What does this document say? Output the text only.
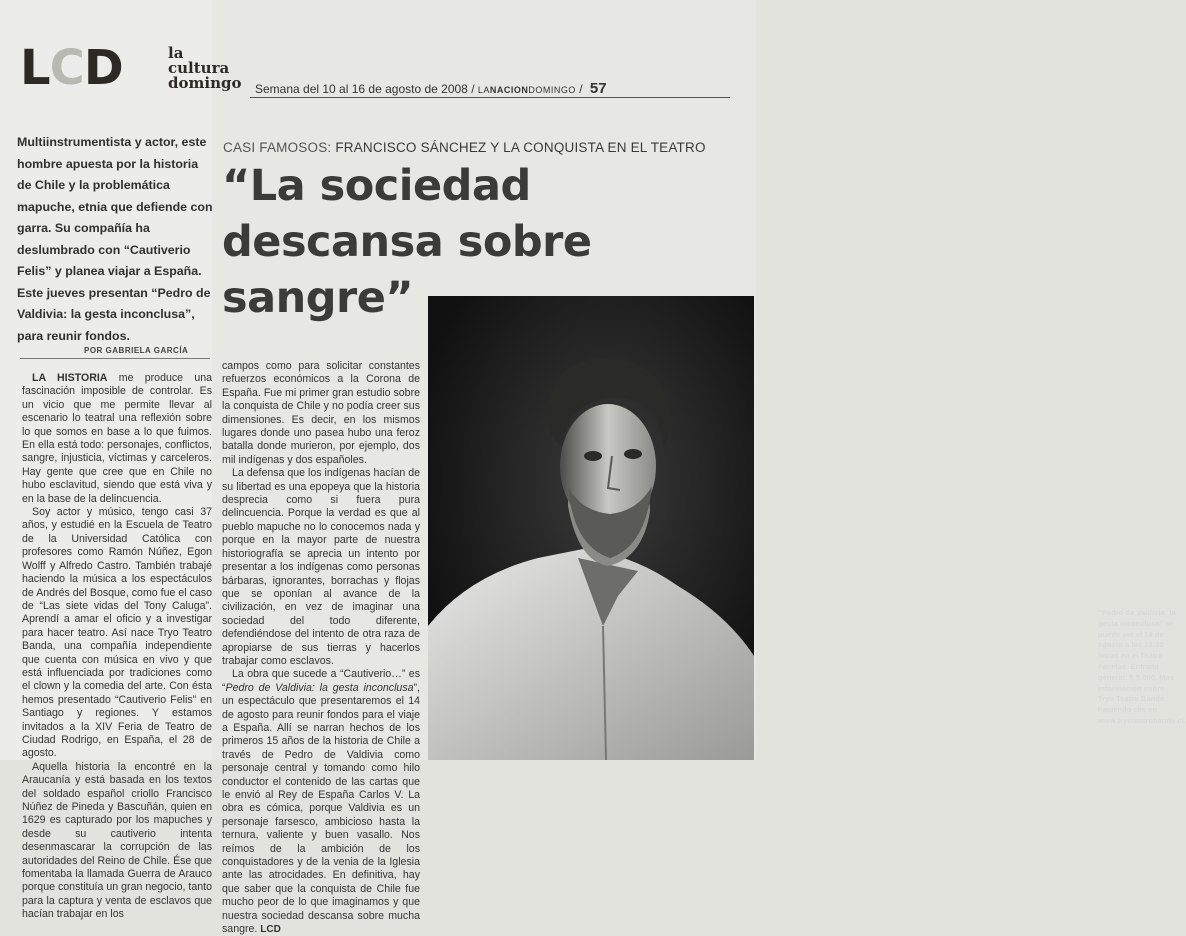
LCD	la
cultura
domingo Semana del 10 al 16 de agosto de 2008 / LANACIONDOMINGO / 57
Multiinstrumentista y actor, este hombre apuesta por la historia de Chile y la problemática mapuche, etnia que defiende con garra. Su compañía ha deslumbrado con “Cautiverio Felis” y planea viajar a España. Este jueves presentan “Pedro de Valdivia: la gesta inconclusa”, para reunir fondos.
CASI FAMOSOS: FRANCISCO SÁNCHEZ Y LA CONQUISTA EN EL TEATRO
“La sociedad descansa sobre sangre”
POR GABRIELA GARCÍA

LA HISTORIA me produce una fascinación imposible de controlar. Es un vicio que me permite llevar al escenario lo teatral una reflexión sobre lo que somos en base a lo que fuimos. En ella está todo: personajes, conflictos, sangre, injusticia, víctimas y carceleros. Hay gente que cree que en Chile no hubo esclavitud, siendo que está viva y en la base de la delincuencia.

Soy actor y músico, tengo casi 37 años, y estudié en la Escuela de Teatro de la Universidad Católica con profesores como Ramón Núñez, Egon Wolff y Alfredo Castro. También trabajé haciendo la música a los espectáculos de Andrés del Bosque, como fue el caso de “Las siete vidas del Tony Caluga”. Aprendí a amar el oficio y a investigar para hacer teatro. Así nace Tryo Teatro Banda, una compañía independiente que cuenta con música en vivo y que está influenciada por tradiciones como el clown y la comedia del arte. Con ésta hemos presentado “Cautiverio Felis” en Santiago y regiones. Y estamos invitados a la XIV Feria de Teatro de Ciudad Rodrigo, en España, el 28 de agosto.

Aquella historia la encontré en la Araucanía y está basada en los textos del soldado español criollo Francisco Núñez de Pineda y Bascuñán, quien en 1629 es capturado por los mapuches y desde su cautiverio intenta desenmascarar la corrupción de las autoridades del Reino de Chile. Ése que fomentaba la llamada Guerra de Arauco porque constituía un gran negocio, tanto para la captura y venta de esclavos que hacían trabajar en los

campos como para solicitar constantes refuerzos económicos a la Corona de España. Fue mi primer gran estudio sobre la conquista de Chile y no podía creer sus dimensiones. Es decir, en los mismos lugares donde uno pasea hubo una feroz batalla donde murieron, por ejemplo, dos mil indígenas y dos españoles.

La defensa que los indígenas hacían de su libertad es una epopeya que la historia desprecia como si fuera pura delincuencia. Porque la verdad es que al pueblo mapuche no lo conocemos nada y porque en la mayor parte de nuestra historiografía se aprecia un intento por presentar a los indígenas como personas bárbaras, ignorantes, borrachas y flojas que se oponían al avance de la civilización, en vez de imaginar una sociedad del todo diferente, defendiéndose del intento de otra raza de apropiarse de sus tierras y hacerlos trabajar como esclavos.

La obra que sucede a “Cautiverio…” es “Pedro de Valdivia: la gesta inconclusa”, un espectáculo que presentaremos el 14 de agosto para reunir fondos para el viaje a España. Allí se narran hechos de los primeros 15 años de la historia de Chile a través de Pedro de Valdivia como personaje central y tomando como hilo conductor el contenido de las cartas que le envió al Rey de España Carlos V. La obra es cómica, porque Valdivia es un personaje farsesco, ambicioso hasta la ternura, valiente y buen vasallo. Nos reímos de la ambición de los conquistadores y de la venia de la Iglesia ante las atrocidades. En definitiva, hay que saber que la conquista de Chile fue mucho peor de lo que imaginamos y que nuestra sociedad descansa sobre mucha sangre. LCD

“Pedro de Valdivia: la gesta inconclusa” se puede ver el 14 de agosto a las 20:30 horas en el Teatro Facetas. Entrada general: $ 5.000. Más información sobre Tryo Teatro Banda haciendo clic en www.tryoteatrobanda.cl.
